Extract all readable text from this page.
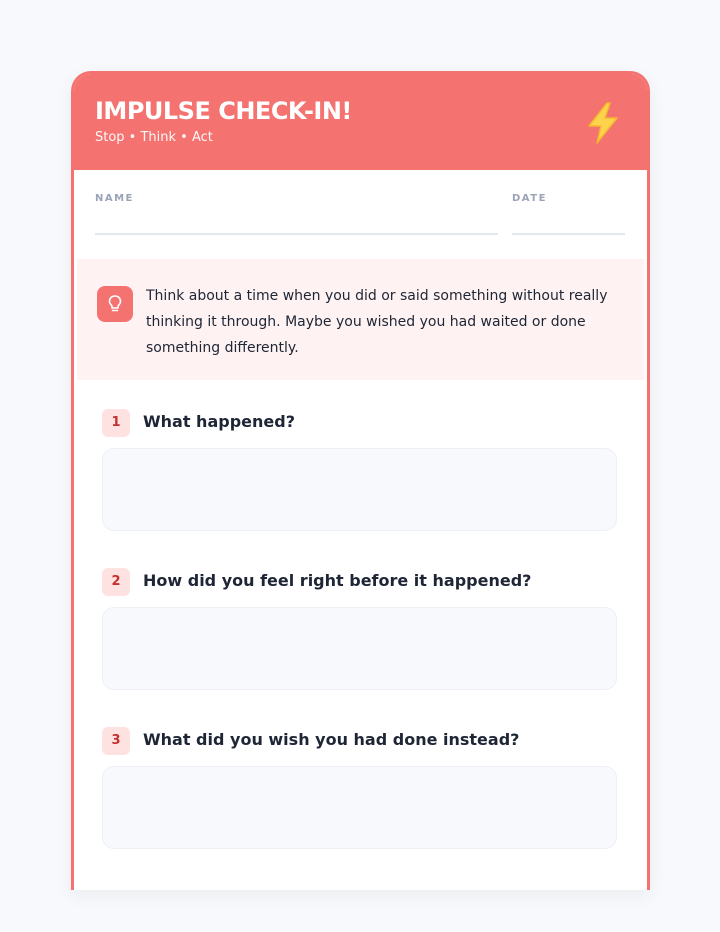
IMPULSE CHECK-IN!
Stop • Think • Act
NAME	DATE
Think about a time when you did or said something without really thinking it through. Maybe you wished you had waited or done something differently.
1	What happened?
2	How did you feel right before it happened?
3	What did you wish you had done instead?
